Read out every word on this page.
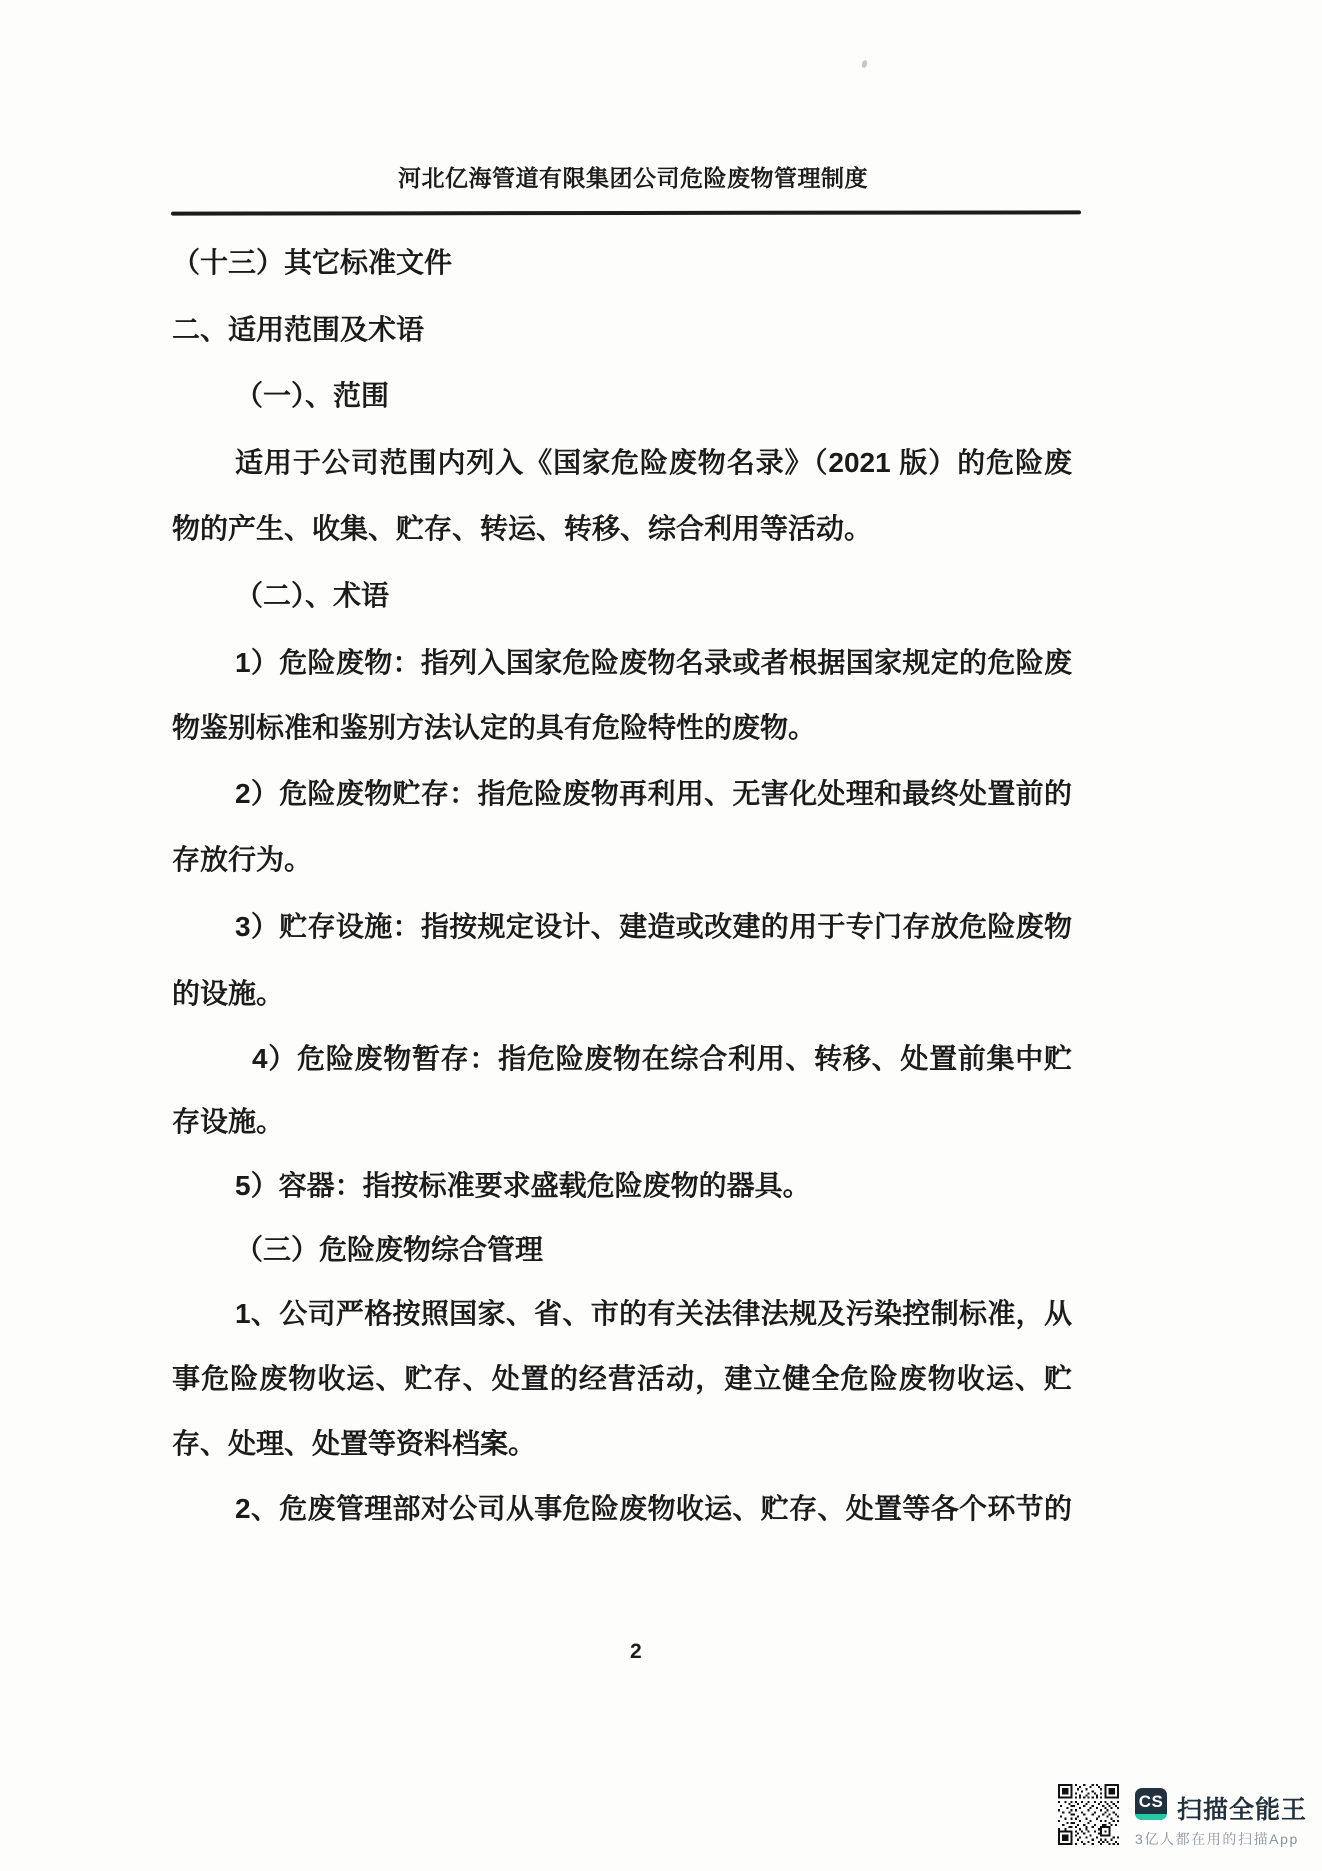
河北亿海管道有限集团公司危险废物管理制度
（十三）其它标准文件
二、适用范围及术语
（一）、范围
适用于公司范围内列入《国家危险废物名录》（2021 版）的危险废
物的产生、收集、贮存、转运、转移、综合利用等活动。
（二）、术语
1）危险废物：指列入国家危险废物名录或者根据国家规定的危险废
物鉴别标准和鉴别方法认定的具有危险特性的废物。
2）危险废物贮存：指危险废物再利用、无害化处理和最终处置前的
存放行为。
3）贮存设施：指按规定设计、建造或改建的用于专门存放危险废物
的设施。
4）危险废物暂存：指危险废物在综合利用、转移、处置前集中贮
存设施。
5）容器：指按标准要求盛载危险废物的器具。
（三）危险废物综合管理
1、公司严格按照国家、省、市的有关法律法规及污染控制标准，从
事危险废物收运、贮存、处置的经营活动，建立健全危险废物收运、贮
存、处理、处置等资料档案。
2、危废管理部对公司从事危险废物收运、贮存、处置等各个环节的
2
CS 扫描全能王
3亿人都在用的扫描App
